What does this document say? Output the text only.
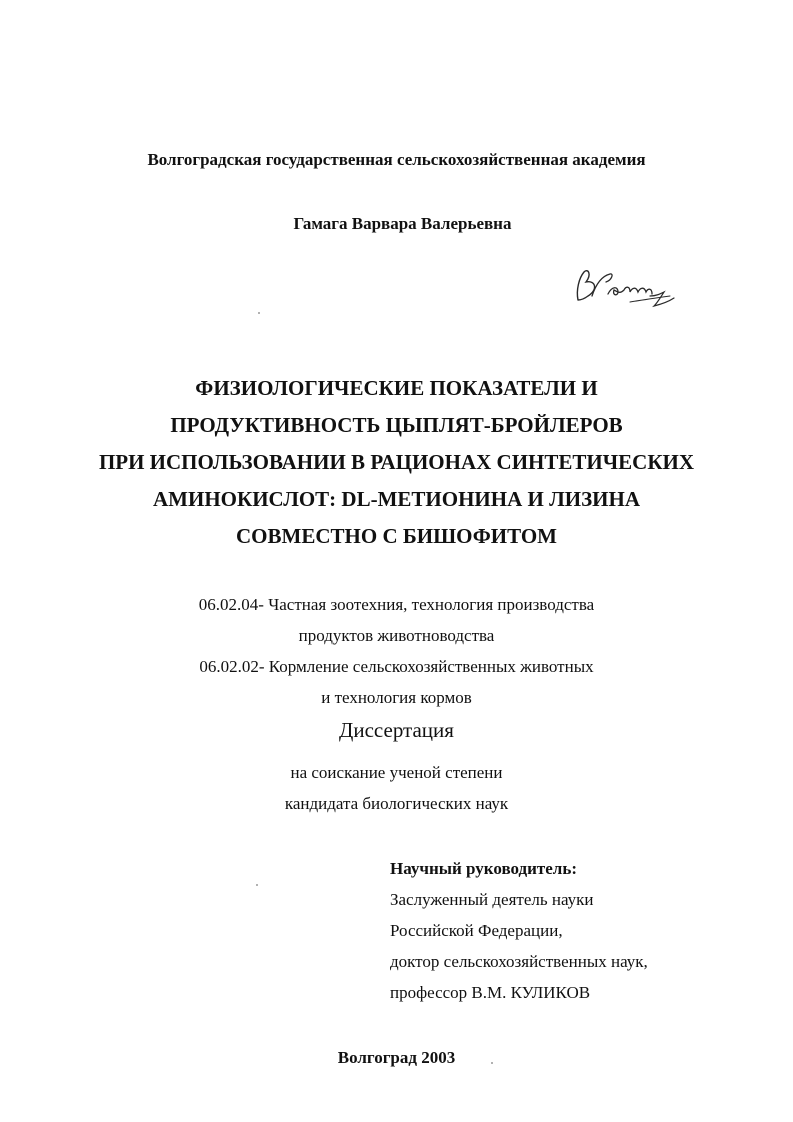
Волгоградская государственная сельскохозяйственная академия
Гамага Варвара Валерьевна
ФИЗИОЛОГИЧЕСКИЕ ПОКАЗАТЕЛИ И
ПРОДУКТИВНОСТЬ ЦЫПЛЯТ-БРОЙЛЕРОВ
ПРИ ИСПОЛЬЗОВАНИИ В РАЦИОНАХ СИНТЕТИЧЕСКИХ
АМИНОКИСЛОТ: DL-МЕТИОНИНА И ЛИЗИНА
СОВМЕСТНО С БИШОФИТОМ
06.02.04- Частная зоотехния, технология производства
продуктов животноводства
06.02.02- Кормление сельскохозяйственных животных
и технология кормов
Диссертация
на соискание ученой степени
кандидата биологических наук
Научный руководитель:
Заслуженный деятель науки
Российской Федерации,
доктор сельскохозяйственных наук,
профессор В.М. КУЛИКОВ
Волгоград 2003
